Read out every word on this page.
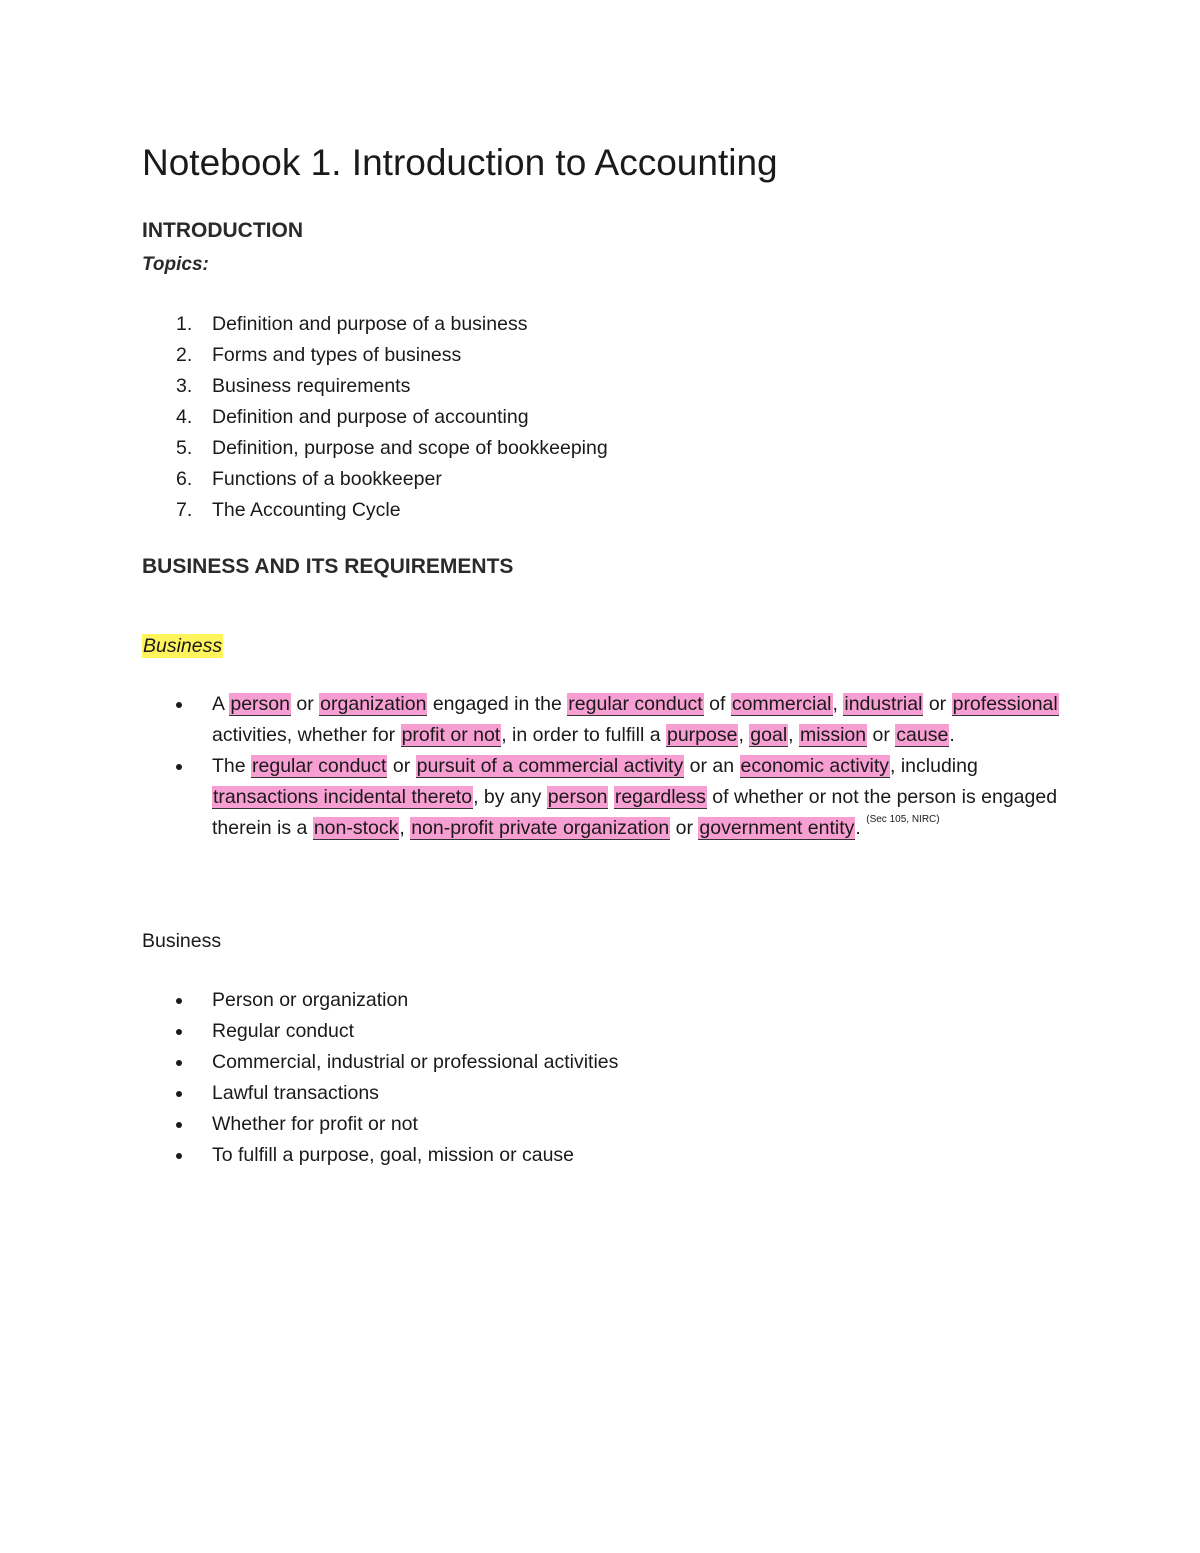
Notebook 1. Introduction to Accounting
INTRODUCTION
Topics:
1. Definition and purpose of a business
2. Forms and types of business
3. Business requirements
4. Definition and purpose of accounting
5. Definition, purpose and scope of bookkeeping
6. Functions of a bookkeeper
7. The Accounting Cycle
BUSINESS AND ITS REQUIREMENTS
Business
A person or organization engaged in the regular conduct of commercial, industrial or professional activities, whether for profit or not, in order to fulfill a purpose, goal, mission or cause.
The regular conduct or pursuit of a commercial activity or an economic activity, including transactions incidental thereto, by any person regardless of whether or not the person is engaged therein is a non-stock, non-profit private organization or government entity. $^{(Sec 105, NIRC)}$
Business
Person or organization
Regular conduct
Commercial, industrial or professional activities
Lawful transactions
Whether for profit or not
To fulfill a purpose, goal, mission or cause
